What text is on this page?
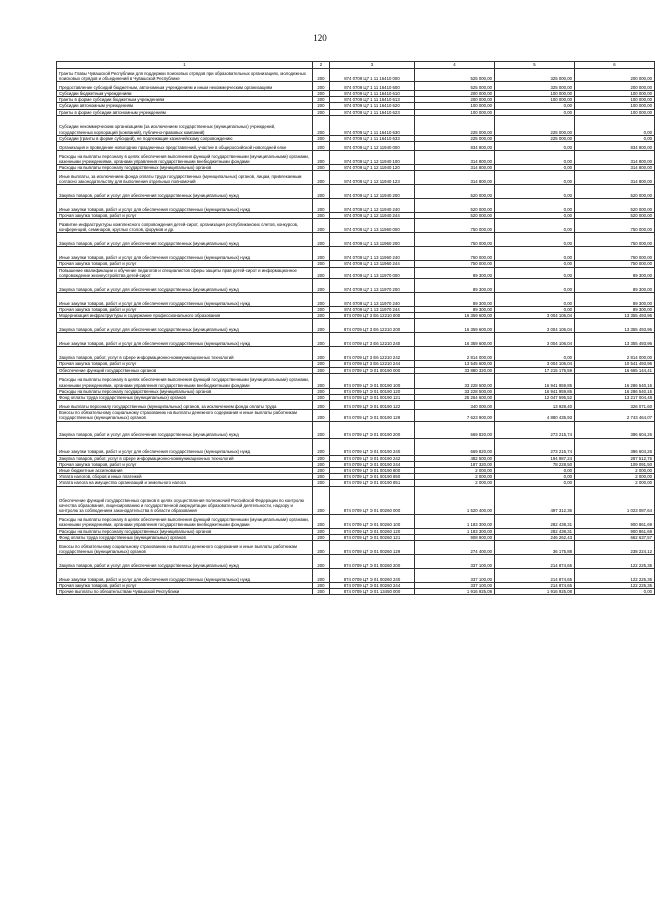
120
1	2	3	4	5	6
Гранты Главы Чувашской Республики для поддержки поисковых отрядов при образовательных организациях, молодежных поисковых отрядов и объединений в Чувашской Республике	200	874 0709 Ц7 1 11 16410 000	525 000,00	325 000,00	200 000,00
Предоставление субсидий бюджетным, автономным учреждениям и иным некоммерческим организациям	200	874 0709 Ц7 1 11 16410 600	525 000,00	325 000,00	200 000,00
Субсидии бюджетным учреждениям	200	874 0709 Ц7 1 11 16410 610	200 000,00	100 000,00	100 000,00
Гранты в форме субсидии бюджетным учреждениям	200	874 0709 Ц7 1 11 16410 613	200 000,00	100 000,00	100 000,00
Субсидии автономным учреждениям	200	874 0709 Ц7 1 11 16410 620	100 000,00	0,00	100 000,00
Гранты в форме субсидии автономным учреждениям	200	874 0709 Ц7 1 11 16410 623	100 000,00	0,00	100 000,00
Субсидии некоммерческим организациям (за исключением государственных (муниципальных) учреждений, государственных корпораций (компаний), публично-правовых компаний)	200	874 0709 Ц7 1 11 16410 630	225 000,00	225 000,00	0,00
Субсидии (гранты в форме субсидий), не подлежащие казначейскому сопровождению	200	874 0709 Ц7 1 11 16410 633	225 000,00	225 000,00	0,00
Организация и проведение новогодних праздничных представлений, участие в общероссийской новогодней елке	200	874 0709 Ц7 1 12 11940 000	834 800,00	0,00	834 800,00
Расходы на выплаты персоналу в целях обеспечения выполнения функций государственными (муниципальными) органами, казенными учреждениями, органами управления государственными внебюджетными фондами	200	874 0709 Ц7 1 12 11940 100	314 800,00	0,00	314 800,00
Расходы на выплаты персоналу государственных (муниципальных) органов	200	874 0709 Ц7 1 12 11940 120	314 800,00	0,00	314 800,00
Иные выплаты, за исключением фонда оплаты труда государственных (муниципальных) органов, лицам, привлекаемым согласно законодательству для выполнения отдельных полномочий	200	874 0709 Ц7 1 12 11940 123	314 800,00	0,00	314 800,00
Закупка товаров, работ и услуг для обеспечения государственных (муниципальных) нужд	200	874 0709 Ц7 1 12 11940 200	520 000,00	0,00	520 000,00
Иные закупки товаров, работ и услуг для обеспечения государственных (муниципальных) нужд	200	874 0709 Ц7 1 12 11940 240	520 000,00	0,00	520 000,00
Прочая закупка товаров, работ и услуг	200	874 0709 Ц7 1 12 11940 244	520 000,00	0,00	520 000,00
Развитие инфраструктуры комплексного сопровождения детей-сирот, организация республиканских слетов, конкурсов, конференций, семинаров, круглых столов, форумов и др.	200	874 0709 Ц7 1 13 11960 000	750 000,00	0,00	750 000,00
Закупка товаров, работ и услуг для обеспечения государственных (муниципальных) нужд	200	874 0709 Ц7 1 13 11960 200	750 000,00	0,00	750 000,00
Иные закупки товаров, работ и услуг для обеспечения государственных (муниципальных) нужд	200	874 0709 Ц7 1 13 11960 240	750 000,00	0,00	750 000,00
Прочая закупка товаров, работ и услуг	200	874 0709 Ц7 1 13 11960 244	750 000,00	0,00	750 000,00
Повышение квалификации и обучение педагогов и специалистов сферы защиты прав детей-сирот и информационное сопровождение жизнеустройства детей-сирот	200	874 0709 Ц7 1 13 11970 000	89 300,00	0,00	89 300,00
Закупка товаров, работ и услуг для обеспечения государственных (муниципальных) нужд	200	874 0709 Ц7 1 13 11970 200	89 300,00	0,00	89 300,00
Иные закупки товаров, работ и услуг для обеспечения государственных (муниципальных) нужд	200	874 0709 Ц7 1 13 11970 240	89 300,00	0,00	89 300,00
Прочая закупка товаров, работ и услуг	200	874 0709 Ц7 1 13 11970 244	89 300,00	0,00	89 300,00
Модернизация инфраструктуры и содержание профессионального образования	200	874 0709 Ц7 3 E6 12210 000	16 359 600,00	3 004 106,04	13 355 493,96
Закупка товаров, работ и услуг для обеспечения государственных (муниципальных) нужд	200	874 0709 Ц7 3 E6 12210 200	16 359 600,00	3 004 106,04	13 355 493,96
Иные закупки товаров, работ и услуг для обеспечения государственных (муниципальных) нужд	200	874 0709 Ц7 3 E6 12210 240	16 359 600,00	3 004 106,04	13 355 493,96
Закупка товаров, работ, услуг в сфере информационно-коммуникационных технологий	200	874 0709 Ц7 3 E6 12210 242	2 814 000,00	0,00	2 814 000,00
Прочая закупка товаров, работ и услуг	200	874 0709 Ц7 3 E6 12210 244	13 545 600,00	3 004 106,04	10 541 493,96
Обеспечение функций государственных органов	200	874 0709 Ц7 Э 01 00190 000	33 880 320,00	17 215 175,59	16 665 144,41
Расходы на выплаты персоналу в целях обеспечения выполнения функций государственными (муниципальными) органами, казенными учреждениями, органами управления государственными внебюджетными фондами	200	874 0709 Ц7 Э 01 00190 100	33 228 500,00	16 941 959,85	16 286 540,15
Расходы на выплаты персоналу государственных (муниципальных) органов	200	874 0709 Ц7 Э 01 00190 120	33 228 500,00	16 941 959,85	16 286 540,15
Фонд оплаты труда государственных (муниципальных) органов	200	874 0709 Ц7 Э 01 00190 121	25 264 600,00	12 047 595,52	13 217 004,48
Иные выплаты персоналу государственных (муниципальных) органов, за исключением фонда оплаты труда	200	874 0709 Ц7 Э 01 00190 122	340 000,00	13 928,40	326 071,60
Взносы по обязательному социальному страхованию на выплаты денежного содержания и иные выплаты работникам государственных (муниципальных) органов	200	874 0709 Ц7 Э 01 00190 129	7 623 900,00	4 880 435,93	2 743 464,07
Закупка товаров, работ и услуг для обеспечения государственных (муниципальных) нужд	200	874 0709 Ц7 Э 01 00190 200	669 820,00	273 215,74	396 604,26
Иные закупки товаров, работ и услуг для обеспечения государственных (муниципальных) нужд	200	874 0709 Ц7 Э 01 00190 240	669 820,00	273 215,74	396 604,26
Закупка товаров, работ, услуг в сфере информационно-коммуникационных технологий	200	874 0709 Ц7 Э 01 00190 242	482 500,00	194 987,24	287 512,76
Прочая закупка товаров, работ и услуг	200	874 0709 Ц7 Э 01 00190 244	187 320,00	78 228,50	109 091,50
Иные бюджетные ассигнования	200	874 0709 Ц7 Э 01 00190 800	2 000,00	0,00	2 000,00
Уплата налогов, сборов и иных платежей	200	874 0709 Ц7 Э 01 00190 850	2 000,00	0,00	2 000,00
Уплата налога на имущество организаций и земельного налога	200	874 0709 Ц7 Э 01 00190 851	2 000,00	0,00	2 000,00
Обеспечение функций государственных органов в целях осуществления полномочий Российской Федерации по контролю качества образования, лицензированию и государственной аккредитации образовательной деятельности, надзору и контролю за соблюдением законодательства в области образования	200	874 0709 Ц7 Э 01 00260 000	1 520 400,00	497 312,36	1 023 087,64
Расходы на выплаты персоналу в целях обеспечения выполнения функций государственными (муниципальными) органами, казенными учреждениями, органами управления государственными внебюджетными фондами	200	874 0709 Ц7 Э 01 00260 100	1 183 300,00	282 438,31	900 861,69
Расходы на выплаты персоналу государственных (муниципальных) органов	200	874 0709 Ц7 Э 01 00260 120	1 183 300,00	282 438,31	900 861,69
Фонд оплаты труда государственных (муниципальных) органов	200	874 0709 Ц7 Э 01 00260 121	908 900,00	246 262,43	662 637,57
Взносы по обязательному социальному страхованию на выплаты денежного содержания и иные выплаты работникам государственных (муниципальных) органов	200	874 0709 Ц7 Э 01 00260 129	274 400,00	36 175,88	238 224,12
Закупка товаров, работ и услуг для обеспечения государственных (муниципальных) нужд	200	874 0709 Ц7 Э 01 00260 200	337 100,00	214 874,65	122 225,35
Иные закупки товаров, работ и услуг для обеспечения государственных (муниципальных) нужд	200	874 0709 Ц7 Э 01 00260 240	337 100,00	214 874,65	122 225,35
Прочая закупка товаров, работ и услуг	200	874 0709 Ц7 Э 01 00260 244	337 100,00	214 874,65	122 225,35
Прочие выплаты по обязательствам Чувашской Республики	200	874 0709 Ц7 Э 01 13450 000	1 916 925,08	1 916 925,08	0,00
